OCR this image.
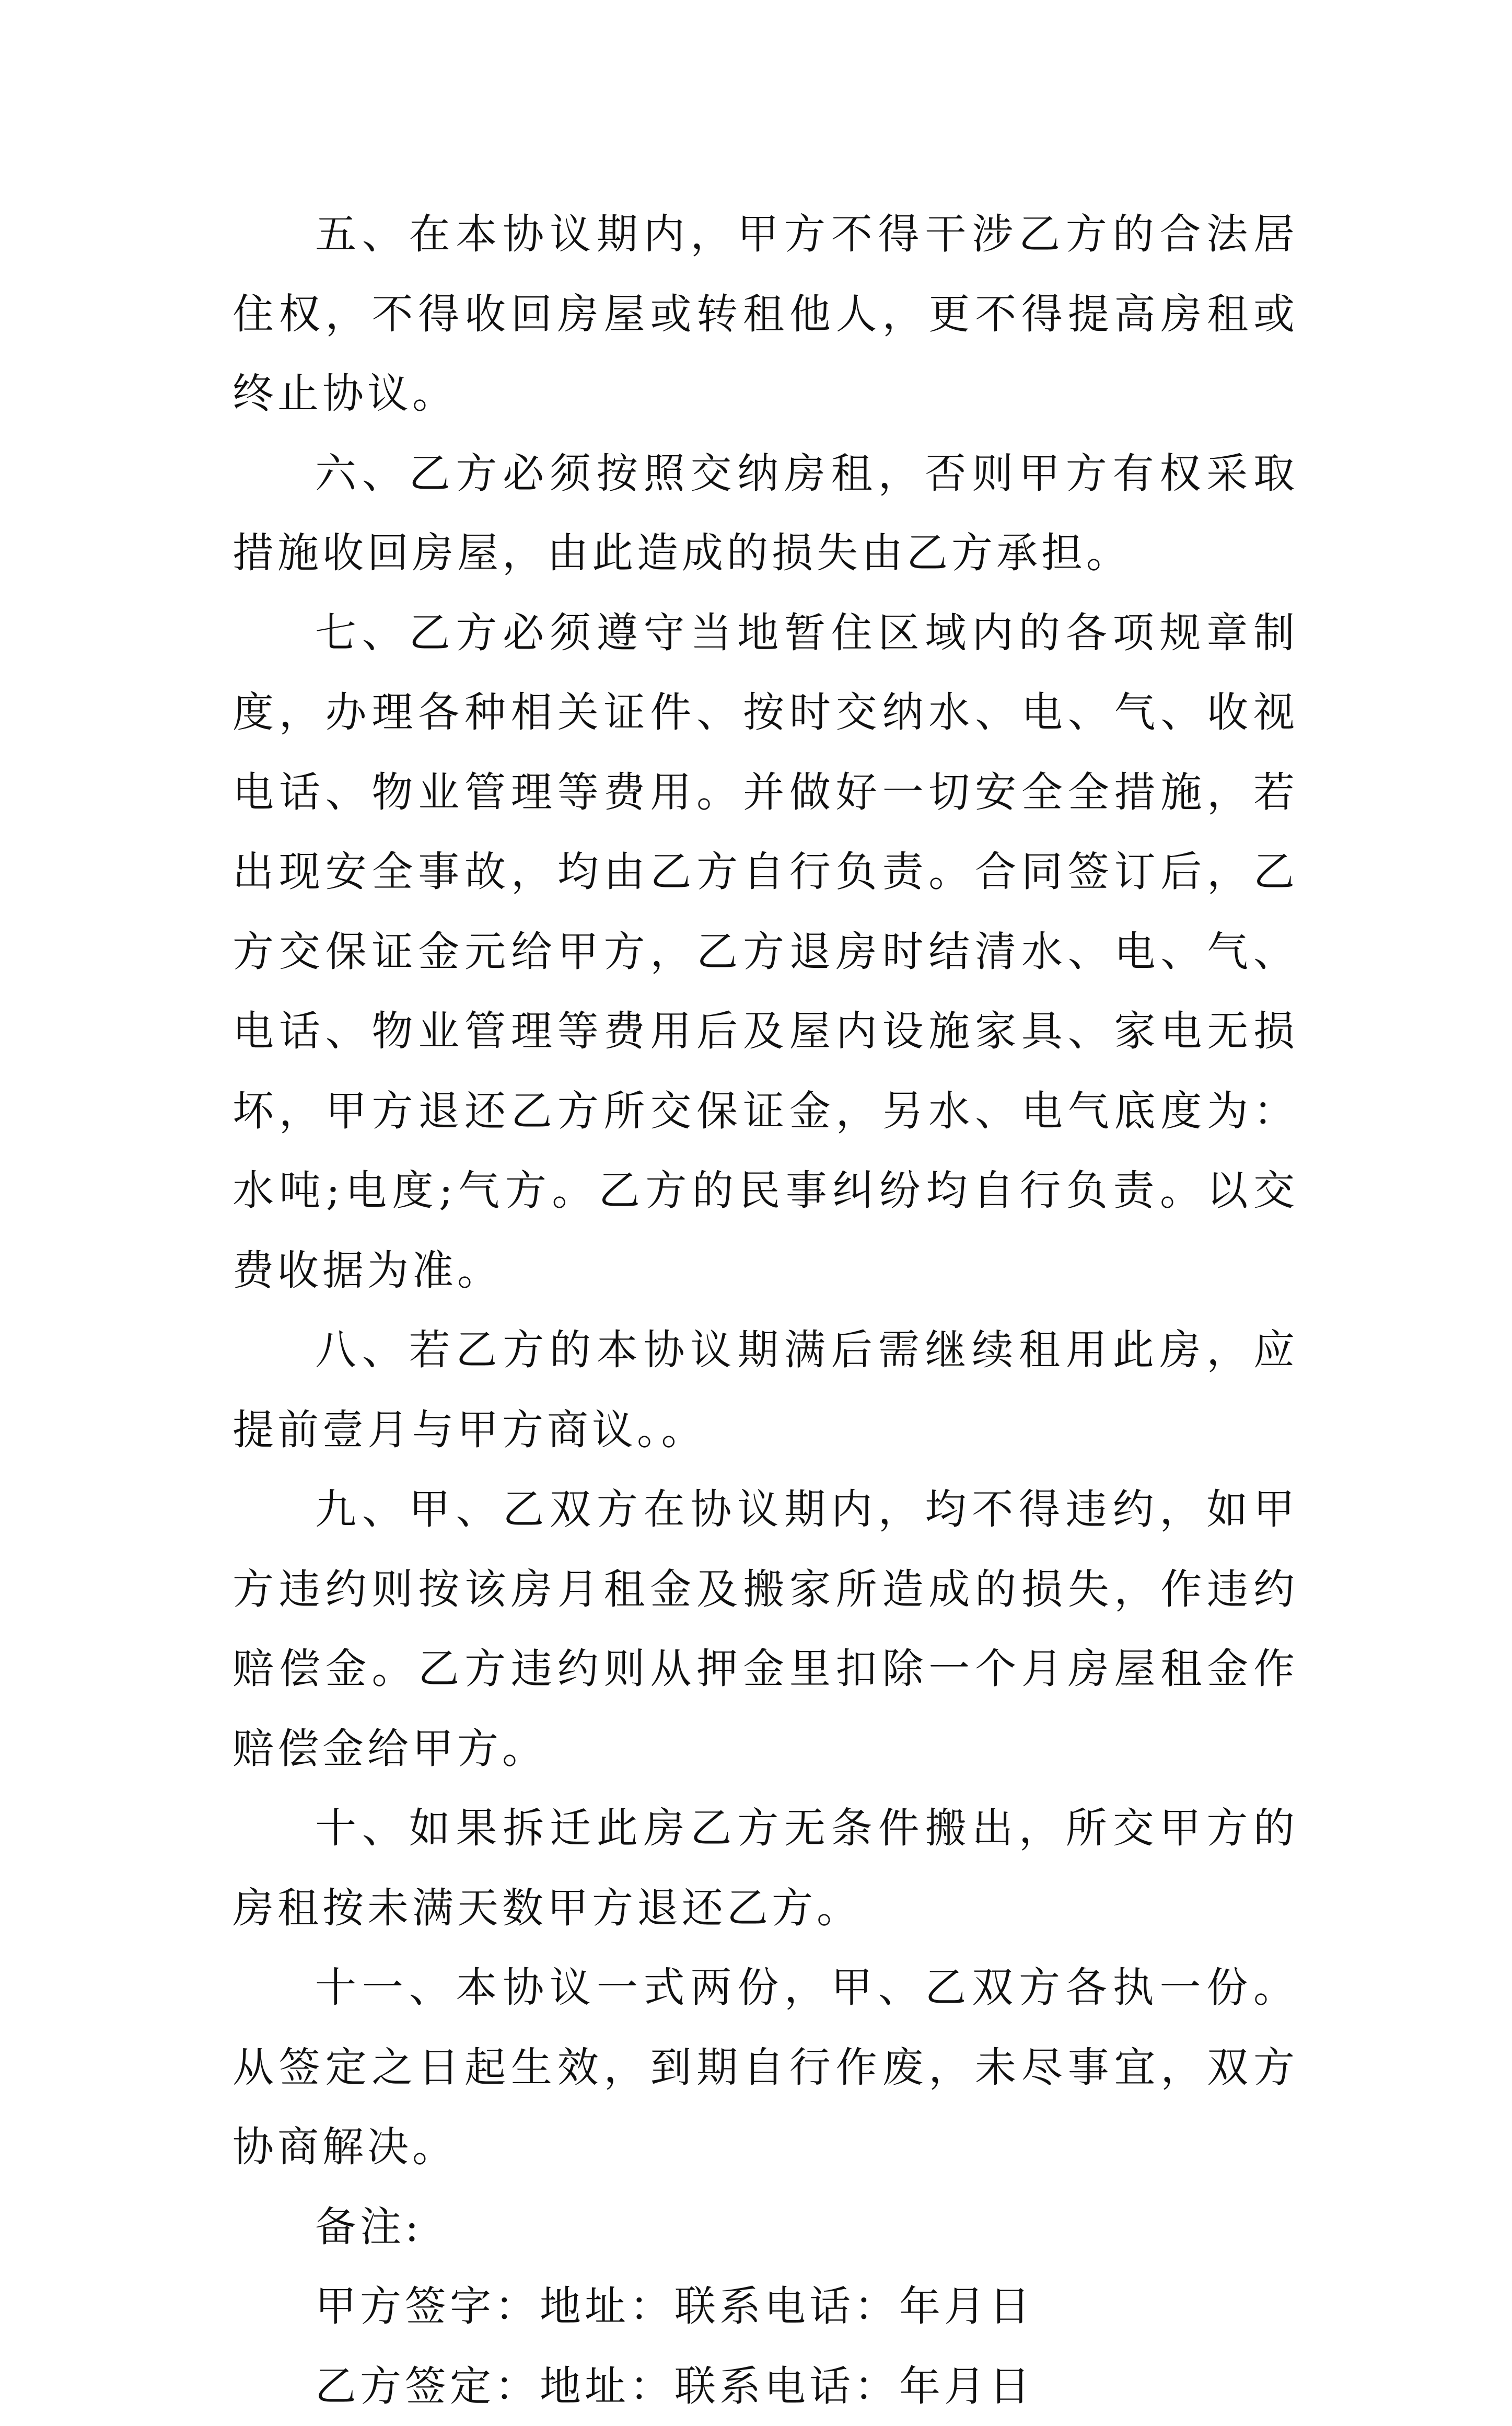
五、在本协议期内，甲方不得干涉乙方的合法居住权，不得收回房屋或转租他人，更不得提高房租或终止协议。

六、乙方必须按照交纳房租，否则甲方有权采取措施收回房屋，由此造成的损失由乙方承担。

七、乙方必须遵守当地暂住区域内的各项规章制度，办理各种相关证件、按时交纳水、电、气、收视电话、物业管理等费用。并做好一切安全全措施，若出现安全事故，均由乙方自行负责。合同签订后，乙方交保证金元给甲方，乙方退房时结清水、电、气、电话、物业管理等费用后及屋内设施家具、家电无损坏，甲方退还乙方所交保证金，另水、电气底度为：水吨;电度;气方。乙方的民事纠纷均自行负责。以交费收据为准。

八、若乙方的本协议期满后需继续租用此房，应提前壹月与甲方商议。。

九、甲、乙双方在协议期内，均不得违约，如甲方违约则按该房月租金及搬家所造成的损失，作违约赔偿金。乙方违约则从押金里扣除一个月房屋租金作赔偿金给甲方。

十、如果拆迁此房乙方无条件搬出，所交甲方的房租按未满天数甲方退还乙方。

十一、本协议一式两份，甲、乙双方各执一份。从签定之日起生效，到期自行作废，未尽事宜，双方协商解决。

备注:

甲方签字：地址：联系电话：年月日

乙方签定：地址：联系电话：年月日
